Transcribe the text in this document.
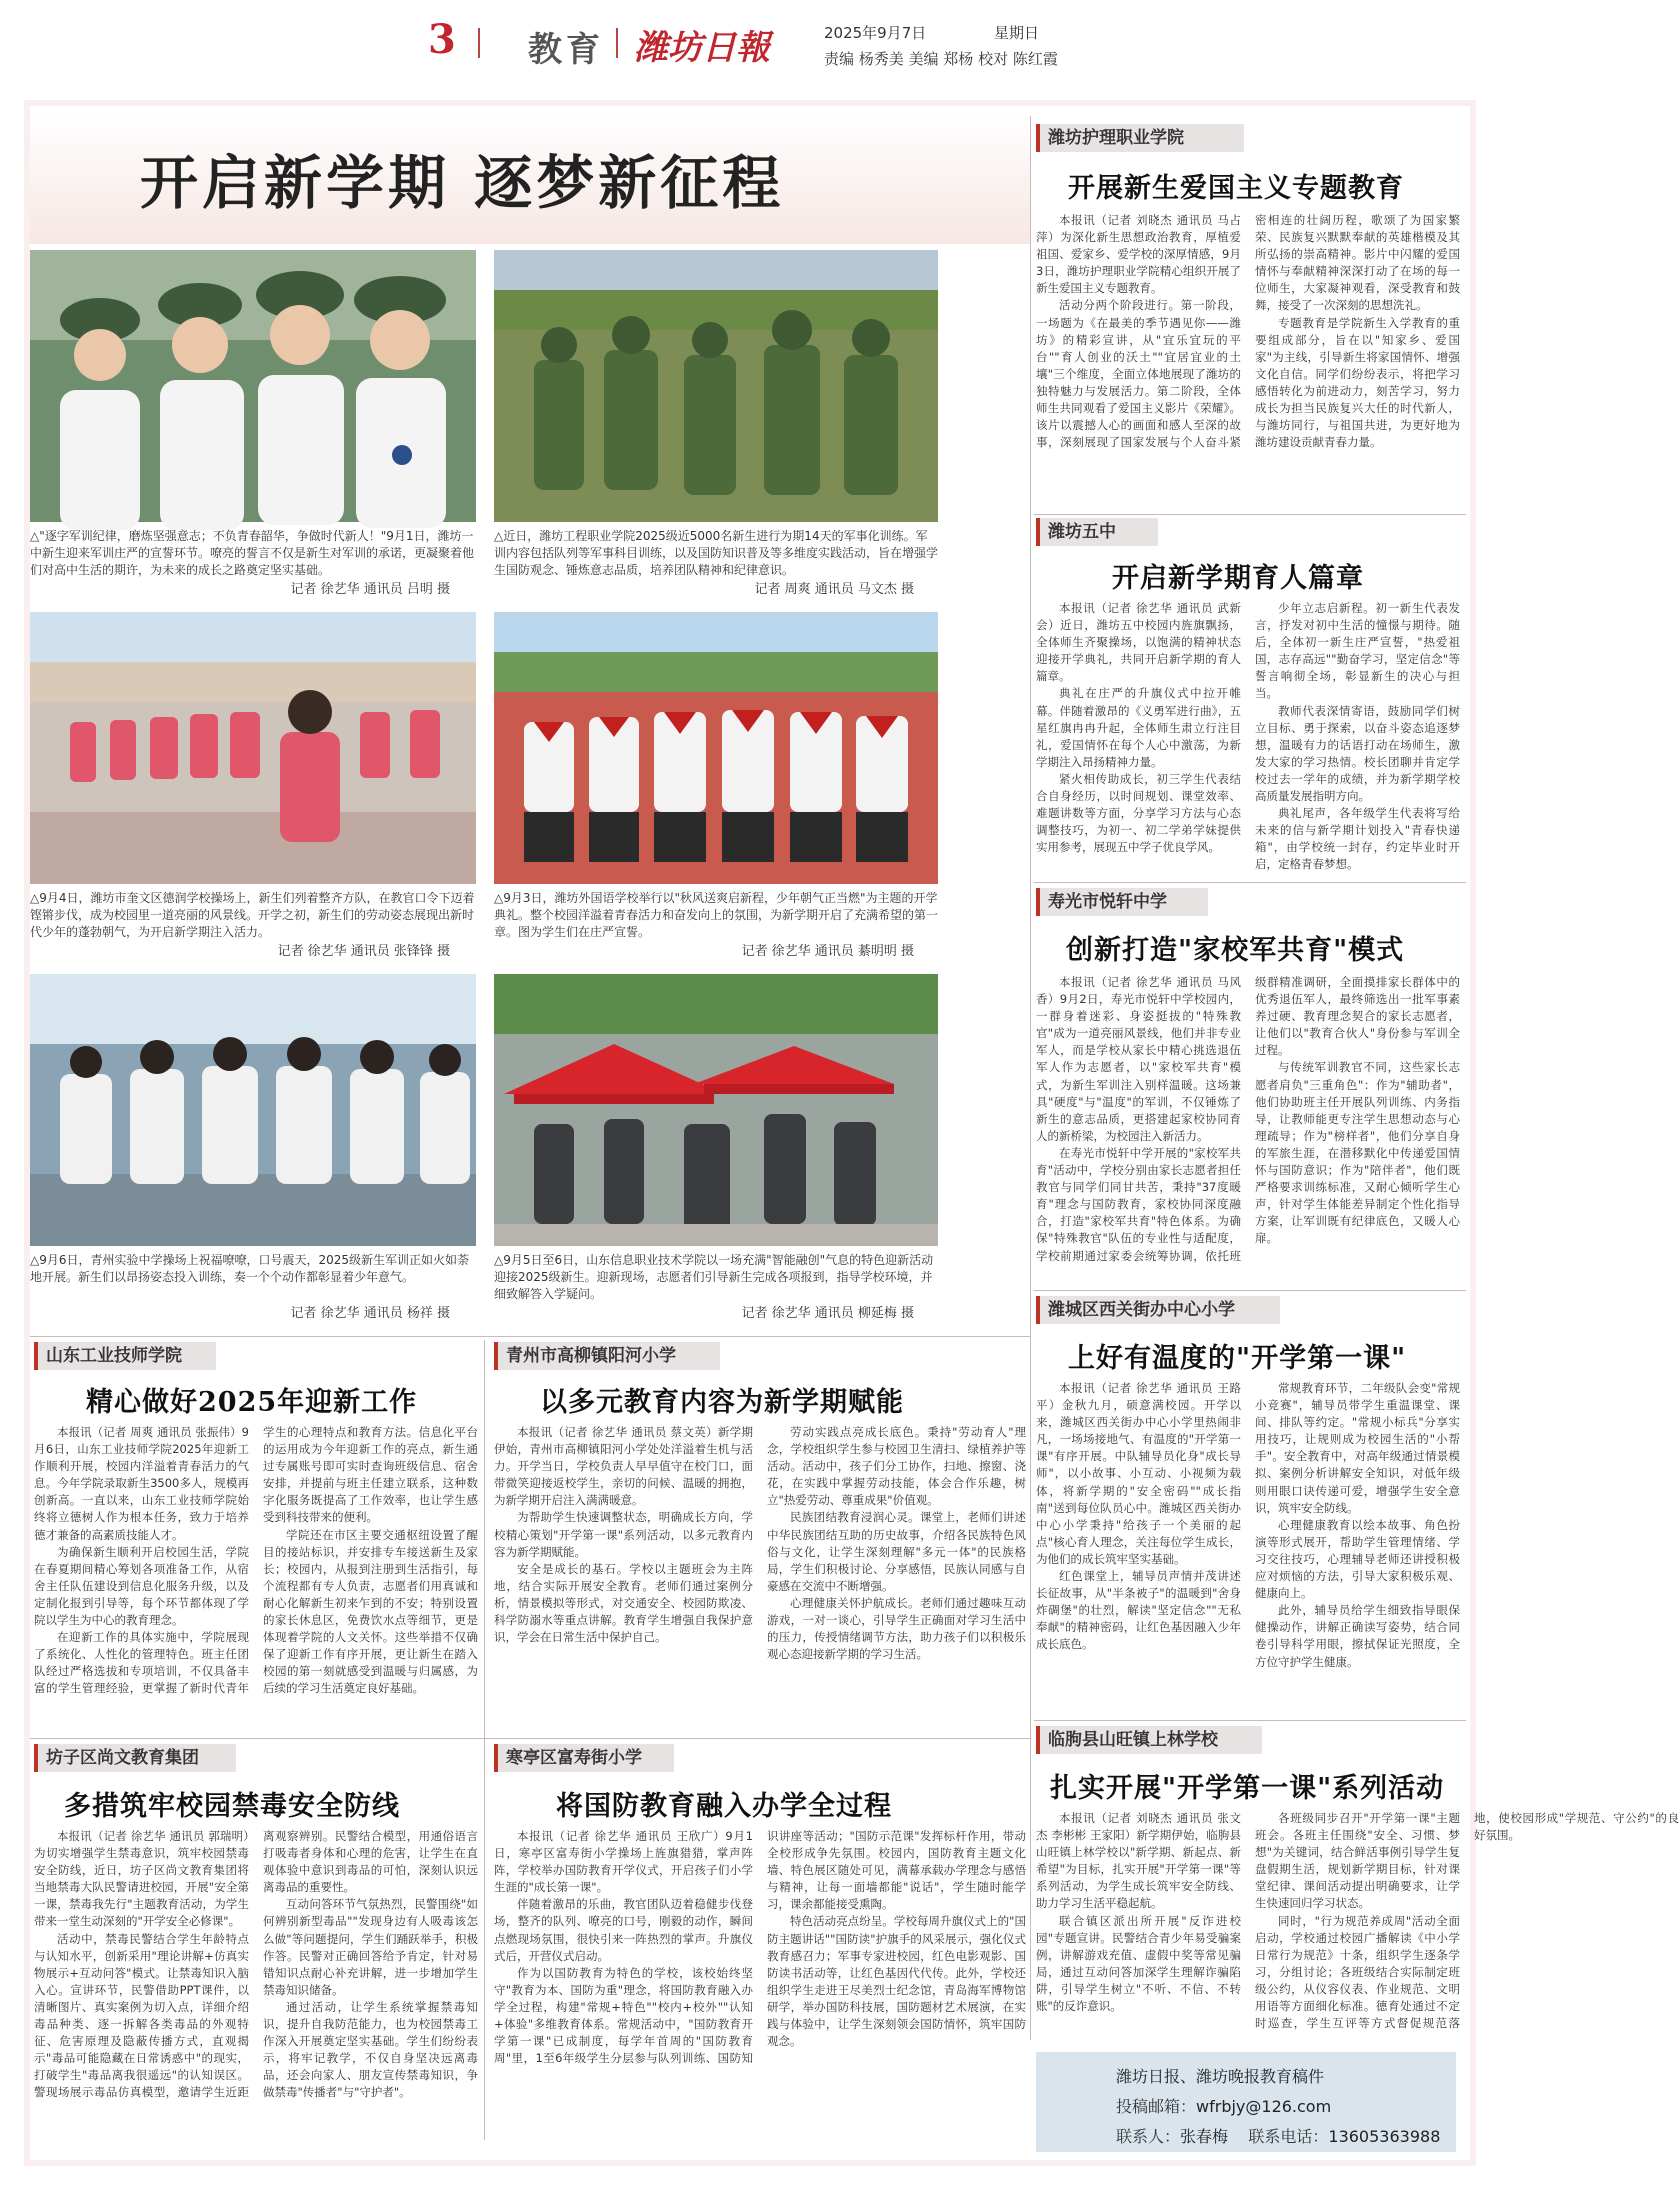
3 教育 潍坊日報	2025年9月7日	星期日
责编 杨秀美 美编 郑杨 校对 陈红霞
开启新学期 逐梦新征程
△"逐字军训纪律，磨炼坚强意志；不负青春韶华，争做时代新人！"9月1日，潍坊一中新生迎来军训庄严的宣誓环节。嘹亮的誓言不仅是新生对军训的承诺，更凝聚着他们对高中生活的期许，为未来的成长之路奠定坚实基础。
记者 徐艺华 通讯员 吕明 摄
△近日，潍坊工程职业学院2025级近5000名新生进行为期14天的军事化训练。军训内容包括队列等军事科目训练，以及国防知识普及等多维度实践活动，旨在增强学生国防观念、锤炼意志品质，培养团队精神和纪律意识。
记者 周爽 通讯员 马文杰 摄
△9月4日，潍坊市奎文区德润学校操场上，新生们列着整齐方队，在教官口令下迈着铿锵步伐，成为校园里一道亮丽的风景线。开学之初，新生们的劳动姿态展现出新时代少年的蓬勃朝气，为开启新学期注入活力。
记者 徐艺华 通讯员 张锋锋 摄
△9月3日，潍坊外国语学校举行以"秋风送爽启新程，少年朝气正当燃"为主题的开学典礼。整个校园洋溢着青春活力和奋发向上的氛围，为新学期开启了充满希望的第一章。图为学生们在庄严宣誓。
记者 徐艺华 通讯员 綦明明 摄
△9月6日，青州实验中学操场上祝福嘹嘹，口号震天，2025级新生军训正如火如荼地开展。新生们以昂扬姿态投入训练，奏一个个动作都彰显着少年意气。
记者 徐艺华 通讯员 杨祥 摄
△9月5日至6日，山东信息职业技术学院以一场充满"智能融创"气息的特色迎新活动迎接2025级新生。迎新现场，志愿者们引导新生完成各项报到，指导学校环境，并细致解答入学疑问。
记者 徐艺华 通讯员 柳延梅 摄
潍坊护理职业学院
开展新生爱国主义专题教育

本报讯（记者 刘晓杰 通讯员 马占萍）为深化新生思想政治教育，厚植爱祖国、爱家乡、爱学校的深厚情感，9月3日，潍坊护理职业学院精心组织开展了新生爱国主义专题教育。

活动分两个阶段进行。第一阶段，一场题为《在最美的季节遇见你——潍坊》的精彩宣讲，从"宜乐宜玩的平台""育人创业的沃土""宜居宜业的土壤"三个维度，全面立体地展现了潍坊的独特魅力与发展活力。第二阶段，全体师生共同观看了爱国主义影片《荣耀》。该片以震撼人心的画面和感人至深的故事，深刻展现了国家发展与个人奋斗紧密相连的壮阔历程，歌颂了为国家繁荣、民族复兴默默奉献的英雄楷模及其所弘扬的崇高精神。影片中闪耀的爱国情怀与奉献精神深深打动了在场的每一位师生，大家凝神观看，深受教育和鼓舞，接受了一次深刻的思想洗礼。

专题教育是学院新生入学教育的重要组成部分，旨在以"知家乡、爱国家"为主线，引导新生将家国情怀、增强文化自信。同学们纷纷表示，将把学习感悟转化为前进动力，刻苦学习，努力成长为担当民族复兴大任的时代新人，与潍坊同行，与祖国共进，为更好地为潍坊建设贡献青春力量。

潍坊五中
开启新学期育人篇章

本报讯（记者 徐艺华 通讯员 武新会）近日，潍坊五中校园内旌旗飘扬，全体师生齐聚操场，以饱满的精神状态迎接开学典礼，共同开启新学期的育人篇章。

典礼在庄严的升旗仪式中拉开帷幕。伴随着激昂的《义勇军进行曲》，五星红旗冉冉升起，全体师生肃立行注目礼，爱国情怀在每个人心中激荡，为新学期注入昂扬精神力量。

紧火相传助成长，初三学生代表结合自身经历，以时间规划、课堂效率、难题讲数等方面，分享学习方法与心态调整技巧，为初一、初二学弟学妹提供实用参考，展现五中学子优良学风。

少年立志启新程。初一新生代表发言，抒发对初中生活的憧憬与期待。随后，全体初一新生庄严宣誓，"热爱祖国，志存高远""勤奋学习，坚定信念"等誓言响彻全场，彰显新生的决心与担当。

教师代表深情寄语，鼓励同学们树立目标、勇于探索，以奋斗姿态追逐梦想，温暖有力的话语打动在场师生，激发大家的学习热情。校长团聊并肯定学校过去一学年的成绩，并为新学期学校高质量发展指明方向。

典礼尾声，各年级学生代表将写给未来的信与新学期计划投入"青春快递箱"，由学校统一封存，约定毕业时开启，定格青春梦想。

寿光市悦轩中学
创新打造"家校军共育"模式

本报讯（记者 徐艺华 通讯员 马风香）9月2日，寿光市悦轩中学校园内，一群身着迷彩、身姿挺拔的"特殊教官"成为一道亮丽风景线，他们并非专业军人，而是学校从家长中精心挑选退伍军人作为志愿者，以"家校军共育"模式，为新生军训注入别样温暖。这场兼具"硬度"与"温度"的军训，不仅锤炼了新生的意志品质，更搭建起家校协同育人的新桥梁，为校园注入新活力。

在寿光市悦轩中学开展的"家校军共育"活动中，学校分别由家长志愿者担任教官与同学们同甘共苦，秉持"37度暖育"理念与国防教育，家校协同深度融合，打造"家校军共育"特色体系。为确保"特殊教官"队伍的专业性与适配度，学校前期通过家委会统筹协调，依托班级群精准调研，全面摸排家长群体中的优秀退伍军人，最终筛选出一批军事素养过硬、教育理念契合的家长志愿者，让他们以"教育合伙人"身份参与军训全过程。

与传统军训教官不同，这些家长志愿者肩负"三重角色"：作为"辅助者"，他们协助班主任开展队列训练、内务指导，让教师能更专注学生思想动态与心理疏导；作为"榜样者"，他们分享自身的军旅生涯，在潜移默化中传递爱国情怀与国防意识；作为"陪伴者"，他们既严格要求训练标准，又耐心倾听学生心声，针对学生体能差异制定个性化指导方案，让军训既有纪律底色，又暖人心扉。

潍城区西关街办中心小学
上好有温度的"开学第一课"

本报讯（记者 徐艺华 通讯员 王路平）金秋九月，硕意满校园。开学以来，潍城区西关街办中心小学里热闹非凡，一场场接地气、有温度的"开学第一课"有序开展。中队辅导员化身"成长导师"，以小故事、小互动、小视频为载体，将新学期的"安全密码""成长指南"送到每位队员心中。潍城区西关街办中心小学秉持"给孩子一个美丽的起点"核心育人理念，关注每位学生成长，为他们的成长筑牢坚实基础。

红色课堂上，辅导员声情并茂讲述长征故事，从"半条被子"的温暖到"舍身炸碉堡"的壮烈，解读"坚定信念""无私奉献"的精神密码，让红色基因融入少年成长底色。

常规教育环节，二年级队会变"常规小竞赛"，辅导员带学生重温课堂、课间、排队等约定。"常规小标兵"分享实用技巧，让规则成为校园生活的"小帮手"。安全教育中，对高年级通过情景模拟、案例分析讲解安全知识，对低年级则用眼口诀传递可爱，增强学生安全意识，筑牢安全防线。

心理健康教育以绘本故事、角色扮演等形式展开，帮助学生管理情绪、学习交往技巧，心理辅导老师还讲授积极应对烦恼的方法，引导大家积极乐观、健康向上。

此外，辅导员给学生细致指导眼保健操动作，讲解正确读写姿势，结合同卷引导科学用眼，擦拭保证光照度，全方位守护学生健康。

临朐县山旺镇上林学校
扎实开展"开学第一课"系列活动

本报讯（记者 刘晓杰 通讯员 张文杰 李彬彬 王家阳）新学期伊始，临朐县山旺镇上林学校以"新学期、新起点、新希望"为目标，扎实开展"开学第一课"等系列活动，为学生成长筑牢安全防线、助力学习生活平稳起航。

联合镇区派出所开展"反诈进校园"专题宣讲。民警结合青少年易受骗案例，讲解游戏充值、虚假中奖等常见骗局，通过互动问答加深学生理解诈骗陷阱，引导学生树立"不听、不信、不转账"的反诈意识。

各班级同步召开"开学第一课"主题班会。各班主任围绕"安全、习惯、梦想"为关键词，结合鲜活事例引导学生复盘假期生活，规划新学期目标，针对课堂纪律、课间活动提出明确要求，让学生快速回归学习状态。

同时，"行为规范养成周"活动全面启动，学校通过校园广播解读《中小学日常行为规范》十条，组织学生逐条学习，分组讨论；各班级结合实际制定班级公约，从仪容仪表、作业规范、文明用语等方面细化标准。德育处通过不定时巡查，学生互评等方式督促规范落地，使校园形成"学规范、守公约"的良好氛围。

山东工业技师学院
精心做好2025年迎新工作

本报讯（记者 周爽 通讯员 张振伟）9月6日，山东工业技师学院2025年迎新工作顺利开展，校园内洋溢着青春活力的气息。今年学院录取新生3500多人，规模再创新高。一直以来，山东工业技师学院始终将立德树人作为根本任务，致力于培养德才兼备的高素质技能人才。

为确保新生顺利开启校园生活，学院在春夏期间精心筹划各项准备工作，从宿舍主任队伍建设到信息化服务升级，以及定制化报到引导等，每个环节都体现了学院以学生为中心的教育理念。

在迎新工作的具体实施中，学院展现了系统化、人性化的管理特色。班主任团队经过严格选拔和专项培训，不仅具备丰富的学生管理经验，更掌握了新时代青年学生的心理特点和教育方法。信息化平台的运用成为今年迎新工作的亮点，新生通过专属账号即可实时查询班级信息、宿舍安排，并提前与班主任建立联系，这种数字化服务既提高了工作效率，也让学生感受到科技带来的便利。

学院还在市区主要交通枢纽设置了醒目的接站标识，并安排专车接送新生及家长；校园内，从报到注册到生活指引，每个流程都有专人负责，志愿者们用真诚和耐心化解新生初来乍到的不安；特别设置的家长休息区，免费饮水点等细节，更是体现着学院的人文关怀。这些举措不仅确保了迎新工作有序开展，更让新生在踏入校园的第一刻就感受到温暖与归属感，为后续的学习生活奠定良好基础。

青州市高柳镇阳河小学
以多元教育内容为新学期赋能

本报讯（记者 徐艺华 通讯员 蔡文英）新学期伊始，青州市高柳镇阳河小学处处洋溢着生机与活力。开学当日，学校负责人早早值守在校门口，面带微笑迎接返校学生，亲切的问候、温暖的拥抱，为新学期开启注入满满暖意。

为帮助学生快速调整状态，明确成长方向，学校精心策划"开学第一课"系列活动，以多元教育内容为新学期赋能。

安全是成长的基石。学校以主题班会为主阵地，结合实际开展安全教育。老师们通过案例分析，情景模拟等形式，对交通安全、校园防欺凌、科学防溺水等重点讲解。教育学生增强自我保护意识，学会在日常生活中保护自己。

劳动实践点亮成长底色。秉持"劳动育人"理念，学校组织学生参与校园卫生清扫、绿植养护等活动。活动中，孩子们分工协作，扫地、擦窗、浇花，在实践中掌握劳动技能，体会合作乐趣，树立"热爱劳动、尊重成果"价值观。

民族团结教育浸润心灵。课堂上，老师们讲述中华民族团结互助的历史故事，介绍各民族特色风俗与文化，让学生深刻理解"多元一体"的民族格局，学生们积极讨论、分享感悟，民族认同感与自豪感在交流中不断增强。

心理健康关怀护航成长。老师们通过趣味互动游戏，一对一谈心，引导学生正确面对学习生活中的压力，传授情绪调节方法，助力孩子们以积极乐观心态迎接新学期的学习生活。

坊子区尚文教育集团
多措筑牢校园禁毒安全防线

本报讯（记者 徐艺华 通讯员 郭瑞明）为切实增强学生禁毒意识，筑牢校园禁毒安全防线，近日，坊子区尚文教育集团将当地禁毒大队民警请进校园，开展"安全第一课，禁毒我先行"主题教育活动，为学生带来一堂生动深刻的"开学安全必修课"。

活动中，禁毒民警结合学生年龄特点与认知水平，创新采用"理论讲解+仿真实物展示+互动问答"模式。让禁毒知识入脑入心。宣讲环节，民警借助PPT课件，以清晰图片、真实案例为切入点，详细介绍毒品种类、逐一拆解各类毒品的外观特征、危害原理及隐蔽传播方式，直观揭示"毒品可能隐藏在日常诱惑中"的现实，打破学生"毒品离我很遥远"的认知误区。警现场展示毒品仿真模型，邀请学生近距离观察辨别。民警结合模型，用通俗语言打吸毒者身体和心理的危害，让学生在直观体验中意识到毒品的可怕，深刻认识远离毒品的重要性。

互动问答环节气氛热烈，民警围绕"如何辨别新型毒品""发现身边有人吸毒该怎么做"等问题提问，学生们踊跃举手，积极作答。民警对正确回答给予肯定，针对易错知识点耐心补充讲解，进一步增加学生禁毒知识储备。

通过活动，让学生系统掌握禁毒知识，提升自我防范能力，也为校园禁毒工作深入开展奠定坚实基础。学生们纷纷表示，将牢记教学，不仅自身坚决远离毒品，还会向家人、朋友宣传禁毒知识，争做禁毒"传播者"与"守护者"。

寒亭区富寿街小学
将国防教育融入办学全过程

本报讯（记者 徐艺华 通讯员 王欣广）9月1日，寒亭区富寿街小学操场上旌旗猎猎，掌声阵阵，学校举办国防教育开学仪式，开启孩子们小学生涯的"成长第一课"。

伴随着激昂的乐曲，教官团队迈着稳健步伐登场，整齐的队列、嘹亮的口号，刚毅的动作，瞬间点燃现场氛围，很快引来一阵热烈的掌声。升旗仪式后，开营仪式启动。

作为以国防教育为特色的学校，该校始终坚守"教育为本、国防为重"理念，将国防教育融入办学全过程，构建"常规+特色""校内+校外""认知+体验"多维教育体系。常规活动中，"国防教育开学第一课"已成制度，每学年首周的"国防教育周"里，1至6年级学生分层参与队列训练、国防知识讲座等活动；"国防示范课"发挥标杆作用，带动全校形成争先氛围。校园内，国防教育主题文化墙、特色展区随处可见，满幕承载办学理念与感悟与精神，让每一面墙都能"说话"，学生随时能学习，课余都能接受熏陶。

特色活动亮点纷呈。学校每周升旗仪式上的"国防主题讲话""国防读"护旗手的风采展示，强化仪式教育感召力；军事专家进校园，红色电影观影、国防读书活动等，让红色基因代代传。此外，学校还组织学生走进王尽美烈士纪念馆，青岛海军博物馆研学，举办国防科技展，国防题材艺术展演，在实践与体验中，让学生深刻领会国防情怀，筑牢国防观念。

潍坊日报、潍坊晚报教育稿件
投稿邮箱：wfrbjy@126.com
联系人：张春梅 联系电话：13605363988
